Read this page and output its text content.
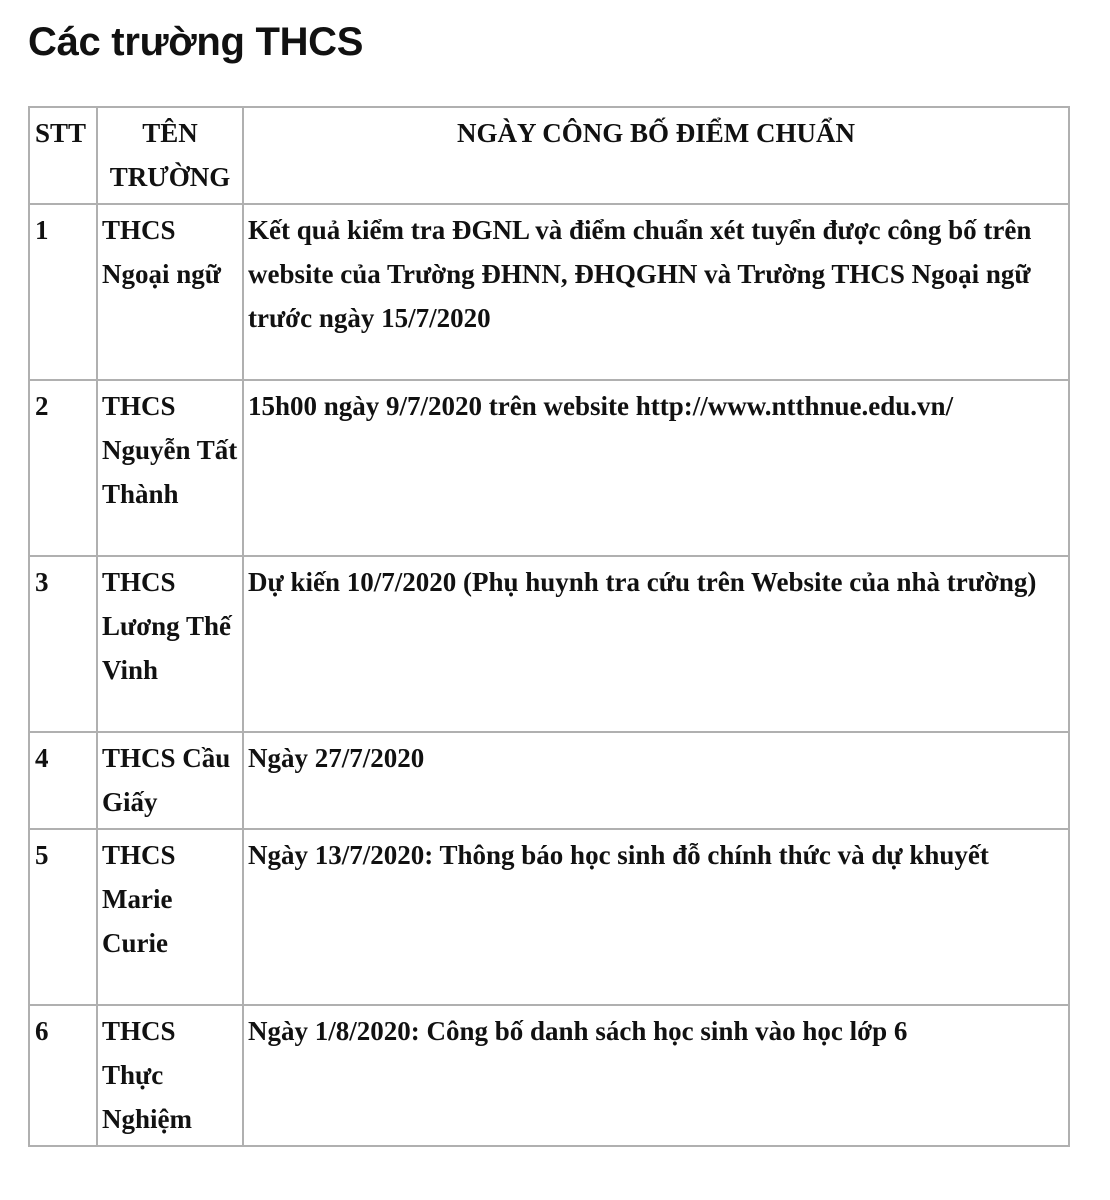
Các trường THCS
STT	TÊN TRƯỜNG	NGÀY CÔNG BỐ ĐIỂM CHUẨN
1	THCS Ngoại ngữ	Kết quả kiểm tra ĐGNL và điểm chuẩn xét tuyển được công bố trên website của Trường ĐHNN, ĐHQGHN và Trường THCS Ngoại ngữ trước ngày 15/7/2020
2	THCS Nguyễn Tất Thành	15h00 ngày 9/7/2020 trên website http://www.ntthnue.edu.vn/
3	THCS Lương Thế Vinh	Dự kiến 10/7/2020 (Phụ huynh tra cứu trên Website của nhà trường)
4	THCS Cầu Giấy	Ngày 27/7/2020
5	THCS Marie Curie	Ngày 13/7/2020: Thông báo học sinh đỗ chính thức và dự khuyết
6	THCS Thực Nghiệm	Ngày 1/8/2020: Công bố danh sách học sinh vào học lớp 6
